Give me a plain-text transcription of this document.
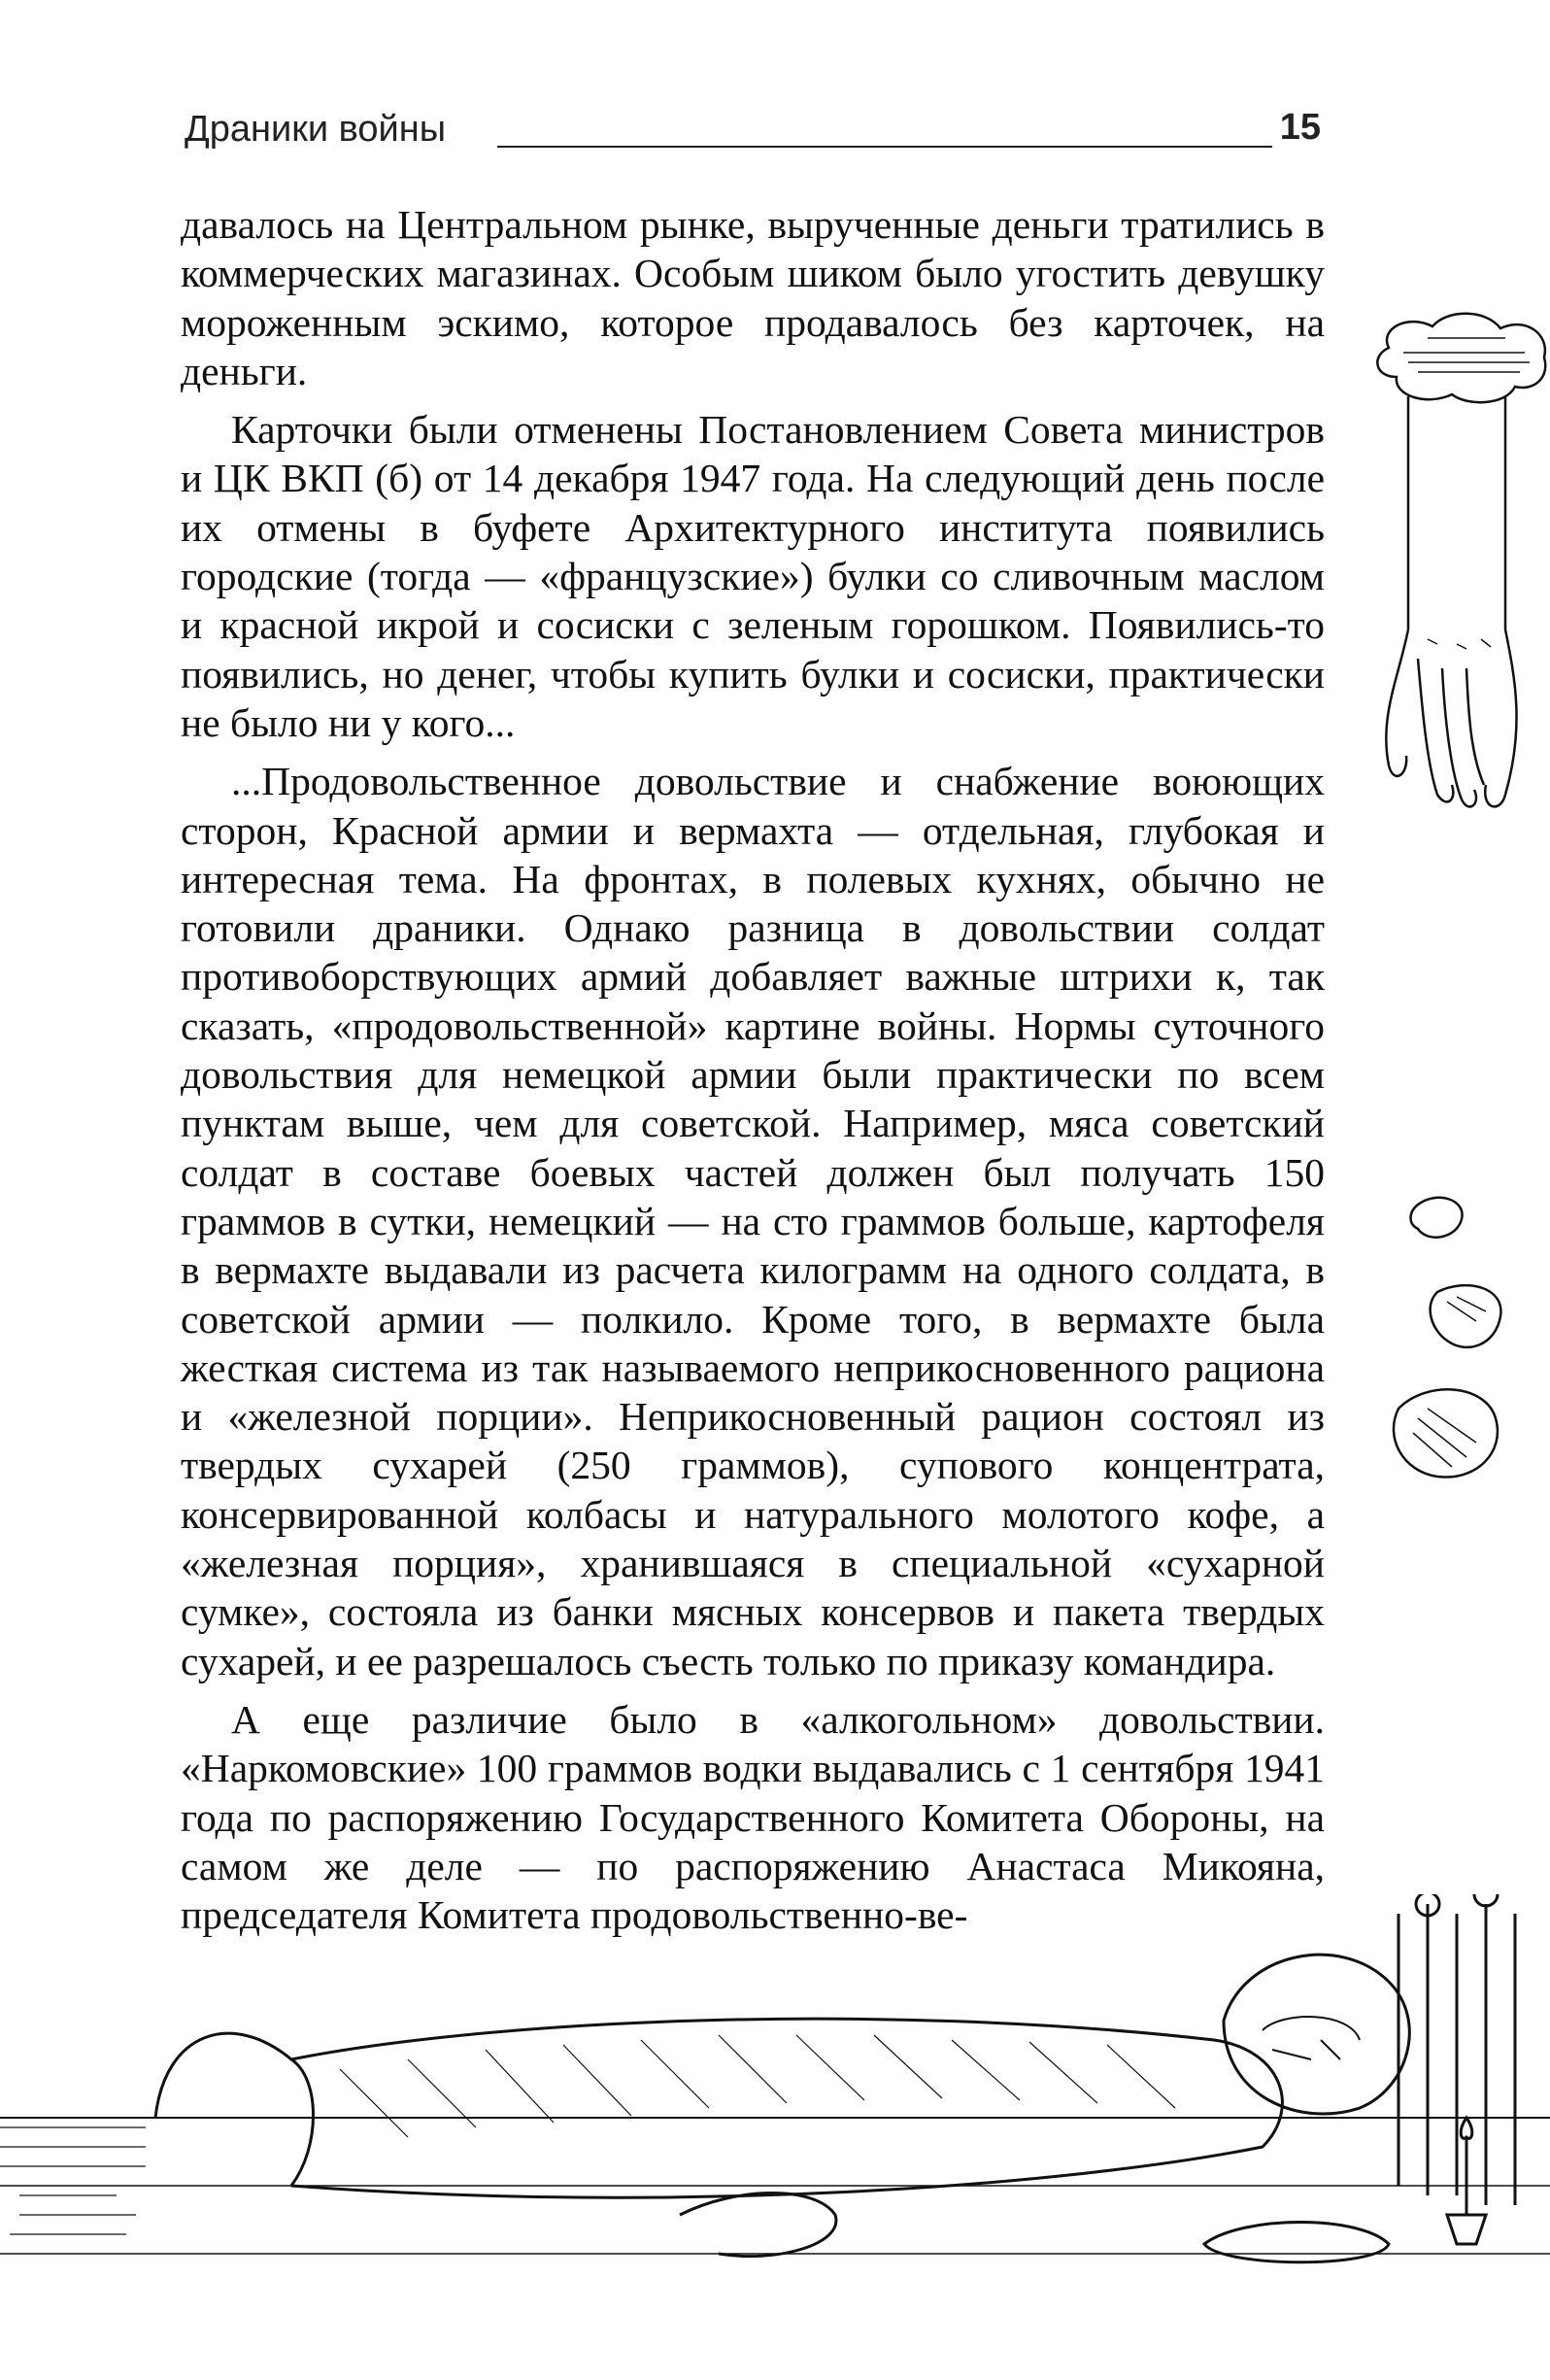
Драники войны	15

давалось на Центральном рынке, вырученные деньги тратились в коммерческих магазинах. Особым шиком было угостить девушку мороженным эскимо, которое продавалось без карточек, на деньги.

Карточки были отменены Постановлением Совета министров и ЦК ВКП (б) от 14 декабря 1947 года. На следующий день после их отмены в буфете Архитектурного института появились городские (тогда — «французские») булки со сливочным маслом и красной икрой и сосиски с зеленым горошком. Появились-то появились, но денег, чтобы купить булки и сосиски, практически не было ни у кого...

...Продовольственное довольствие и снабжение воюющих сторон, Красной армии и вермахта — отдельная, глубокая и интересная тема. На фронтах, в полевых кухнях, обычно не готовили драники. Однако разница в довольствии солдат противоборствующих армий добавляет важные штрихи к, так сказать, «продовольственной» картине войны. Нормы суточного довольствия для немецкой армии были практически по всем пунктам выше, чем для советской. Например, мяса советский солдат в составе боевых частей должен был получать 150 граммов в сутки, немецкий — на сто граммов больше, картофеля в вермахте выдавали из расчета килограмм на одного солдата, в советской армии — полкило. Кроме того, в вермахте была жесткая система из так называемого неприкосновенного рациона и «железной порции». Неприкосновенный рацион состоял из твердых сухарей (250 граммов), супового концентрата, консервированной колбасы и натурального молотого кофе, а «железная порция», хранившаяся в специальной «сухарной сумке», состояла из банки мясных консервов и пакета твердых сухарей, и ее разрешалось съесть только по приказу командира.

А еще различие было в «алкогольном» довольствии. «Наркомовские» 100 граммов водки выдавались с 1 сентября 1941 года по распоряжению Государственного Комитета Обороны, на самом же деле — по распоряжению Анастаса Микояна, председателя Комитета продовольственно-ве-
